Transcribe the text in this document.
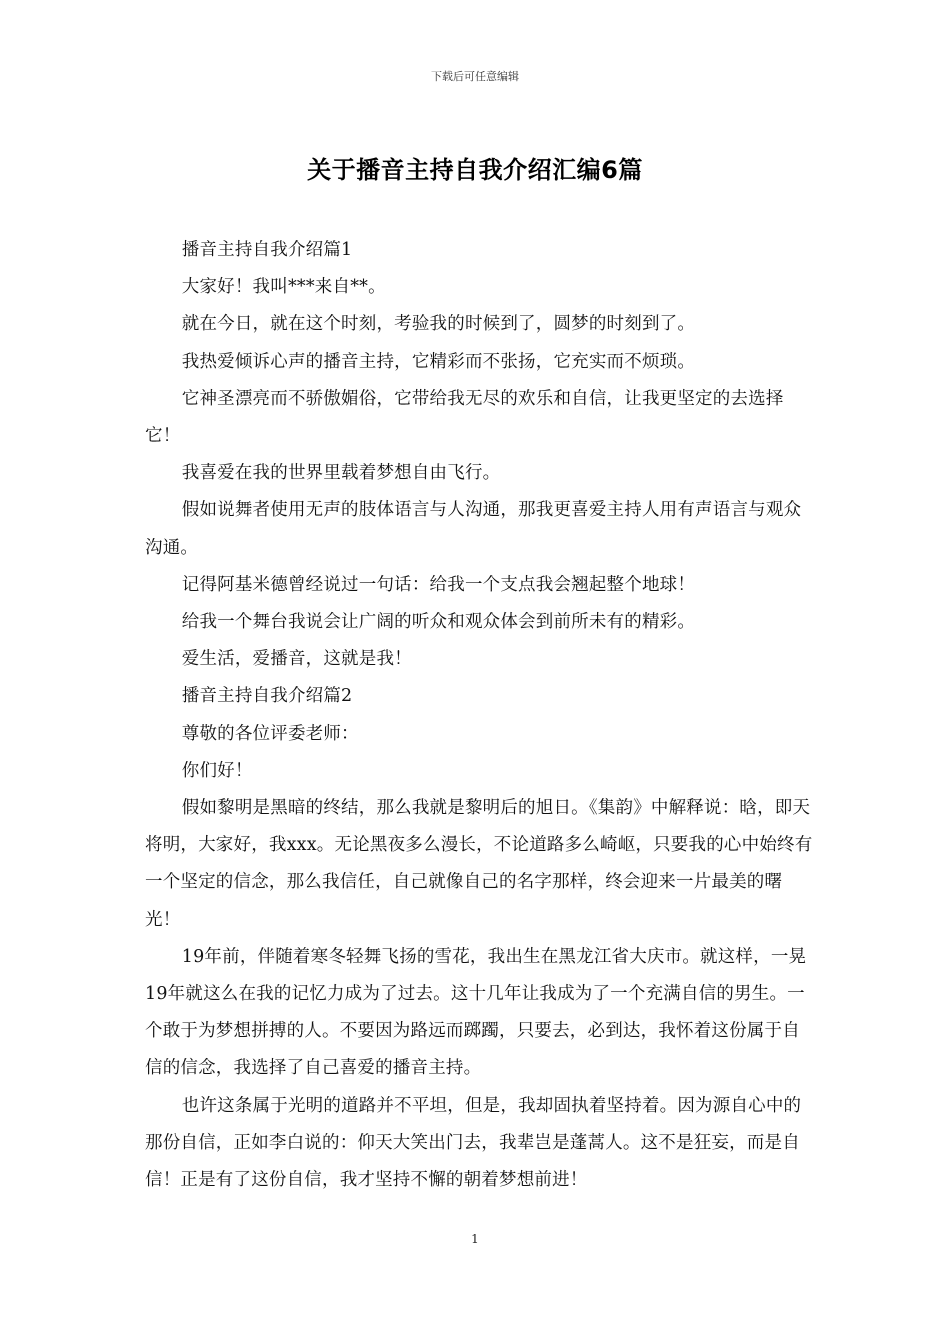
下载后可任意编辑
关于播音主持自我介绍汇编6篇

播音主持自我介绍篇1

大家好！我叫***来自**。

就在今日，就在这个时刻，考验我的时候到了，圆梦的时刻到了。

我热爱倾诉心声的播音主持，它精彩而不张扬，它充实而不烦琐。

它神圣漂亮而不骄傲媚俗，它带给我无尽的欢乐和自信，让我更坚定的去选择它！

我喜爱在我的世界里载着梦想自由飞行。

假如说舞者使用无声的肢体语言与人沟通，那我更喜爱主持人用有声语言与观众沟通。

记得阿基米德曾经说过一句话：给我一个支点我会翘起整个地球！

给我一个舞台我说会让广阔的听众和观众体会到前所未有的精彩。

爱生活，爱播音，这就是我！

播音主持自我介绍篇2

尊敬的各位评委老师：

你们好！

假如黎明是黑暗的终结，那么我就是黎明后的旭日。《集韵》中解释说：晗，即天将明，大家好，我xxx。无论黑夜多么漫长，不论道路多么崎岖，只要我的心中始终有一个坚定的信念，那么我信任，自己就像自己的名字那样，终会迎来一片最美的曙光！

19年前，伴随着寒冬轻舞飞扬的雪花，我出生在黑龙江省大庆市。就这样，一晃19年就这么在我的记忆力成为了过去。这十几年让我成为了一个充满自信的男生。一个敢于为梦想拼搏的人。不要因为路远而踯躅，只要去，必到达，我怀着这份属于自信的信念，我选择了自己喜爱的播音主持。

也许这条属于光明的道路并不平坦，但是，我却固执着坚持着。因为源自心中的那份自信，正如李白说的：仰天大笑出门去，我辈岂是蓬蒿人。这不是狂妄，而是自信！正是有了这份自信，我才坚持不懈的朝着梦想前进！

1
